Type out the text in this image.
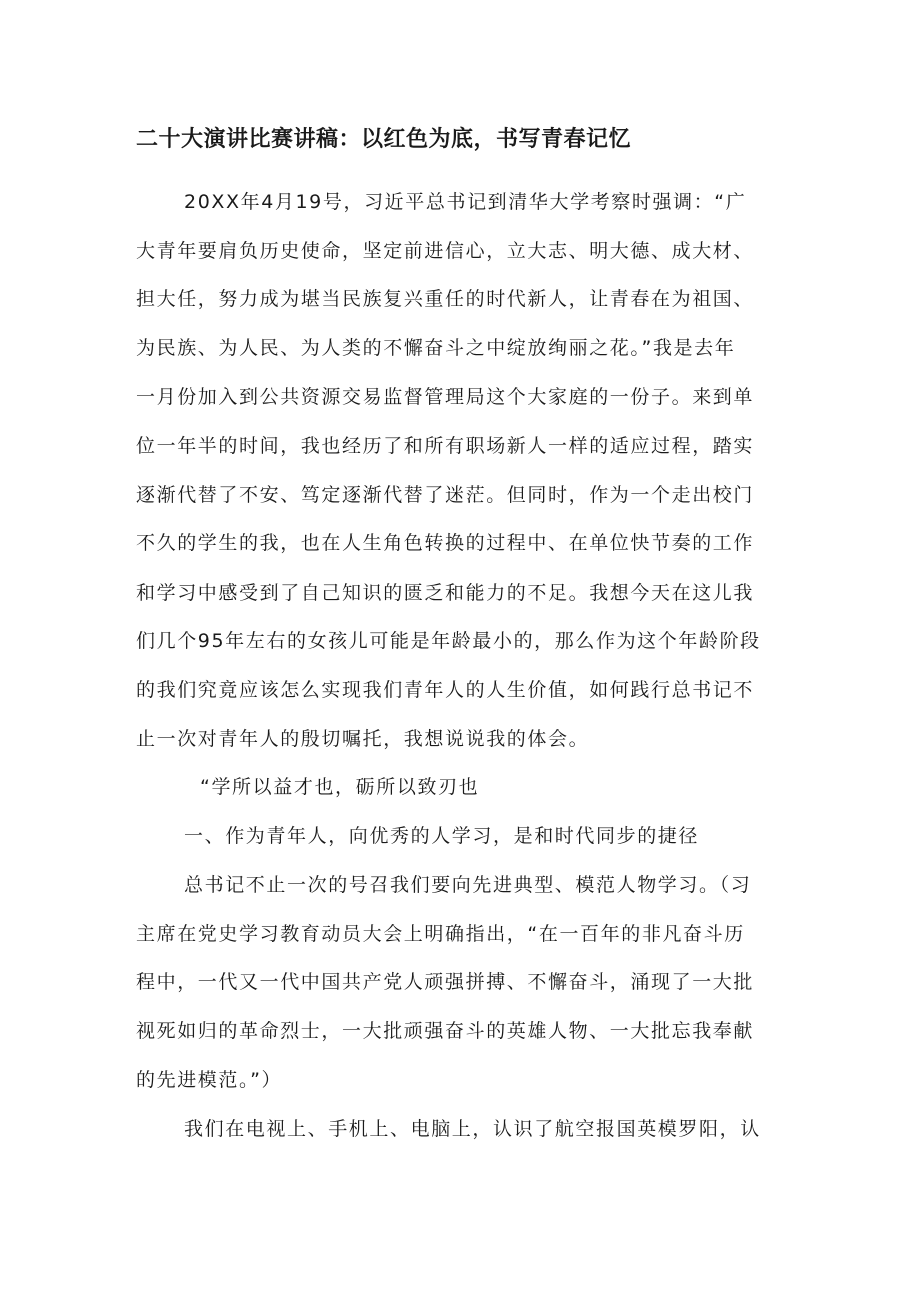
二十大演讲比赛讲稿：以红色为底，书写青春记忆
20XX年4月19号，习近平总书记到清华大学考察时强调：“广
大青年要肩负历史使命，坚定前进信心，立大志、明大德、成大材、
担大任，努力成为堪当民族复兴重任的时代新人，让青春在为祖国、
为民族、为人民、为人类的不懈奋斗之中绽放绚丽之花。”我是去年
一月份加入到公共资源交易监督管理局这个大家庭的一份子。来到单
位一年半的时间，我也经历了和所有职场新人一样的适应过程，踏实
逐渐代替了不安、笃定逐渐代替了迷茫。但同时，作为一个走出校门
不久的学生的我，也在人生角色转换的过程中、在单位快节奏的工作
和学习中感受到了自己知识的匮乏和能力的不足。我想今天在这儿我
们几个95年左右的女孩儿可能是年龄最小的，那么作为这个年龄阶段
的我们究竟应该怎么实现我们青年人的人生价值，如何践行总书记不
止一次对青年人的殷切嘱托，我想说说我的体会。
“学所以益才也，砺所以致刃也
一、作为青年人，向优秀的人学习，是和时代同步的捷径
总书记不止一次的号召我们要向先进典型、模范人物学习。（习
主席在党史学习教育动员大会上明确指出，“在一百年的非凡奋斗历
程中，一代又一代中国共产党人顽强拼搏、不懈奋斗，涌现了一大批
视死如归的革命烈士，一大批顽强奋斗的英雄人物、一大批忘我奉献
的先进模范。”）
我们在电视上、手机上、电脑上，认识了航空报国英模罗阳，认
